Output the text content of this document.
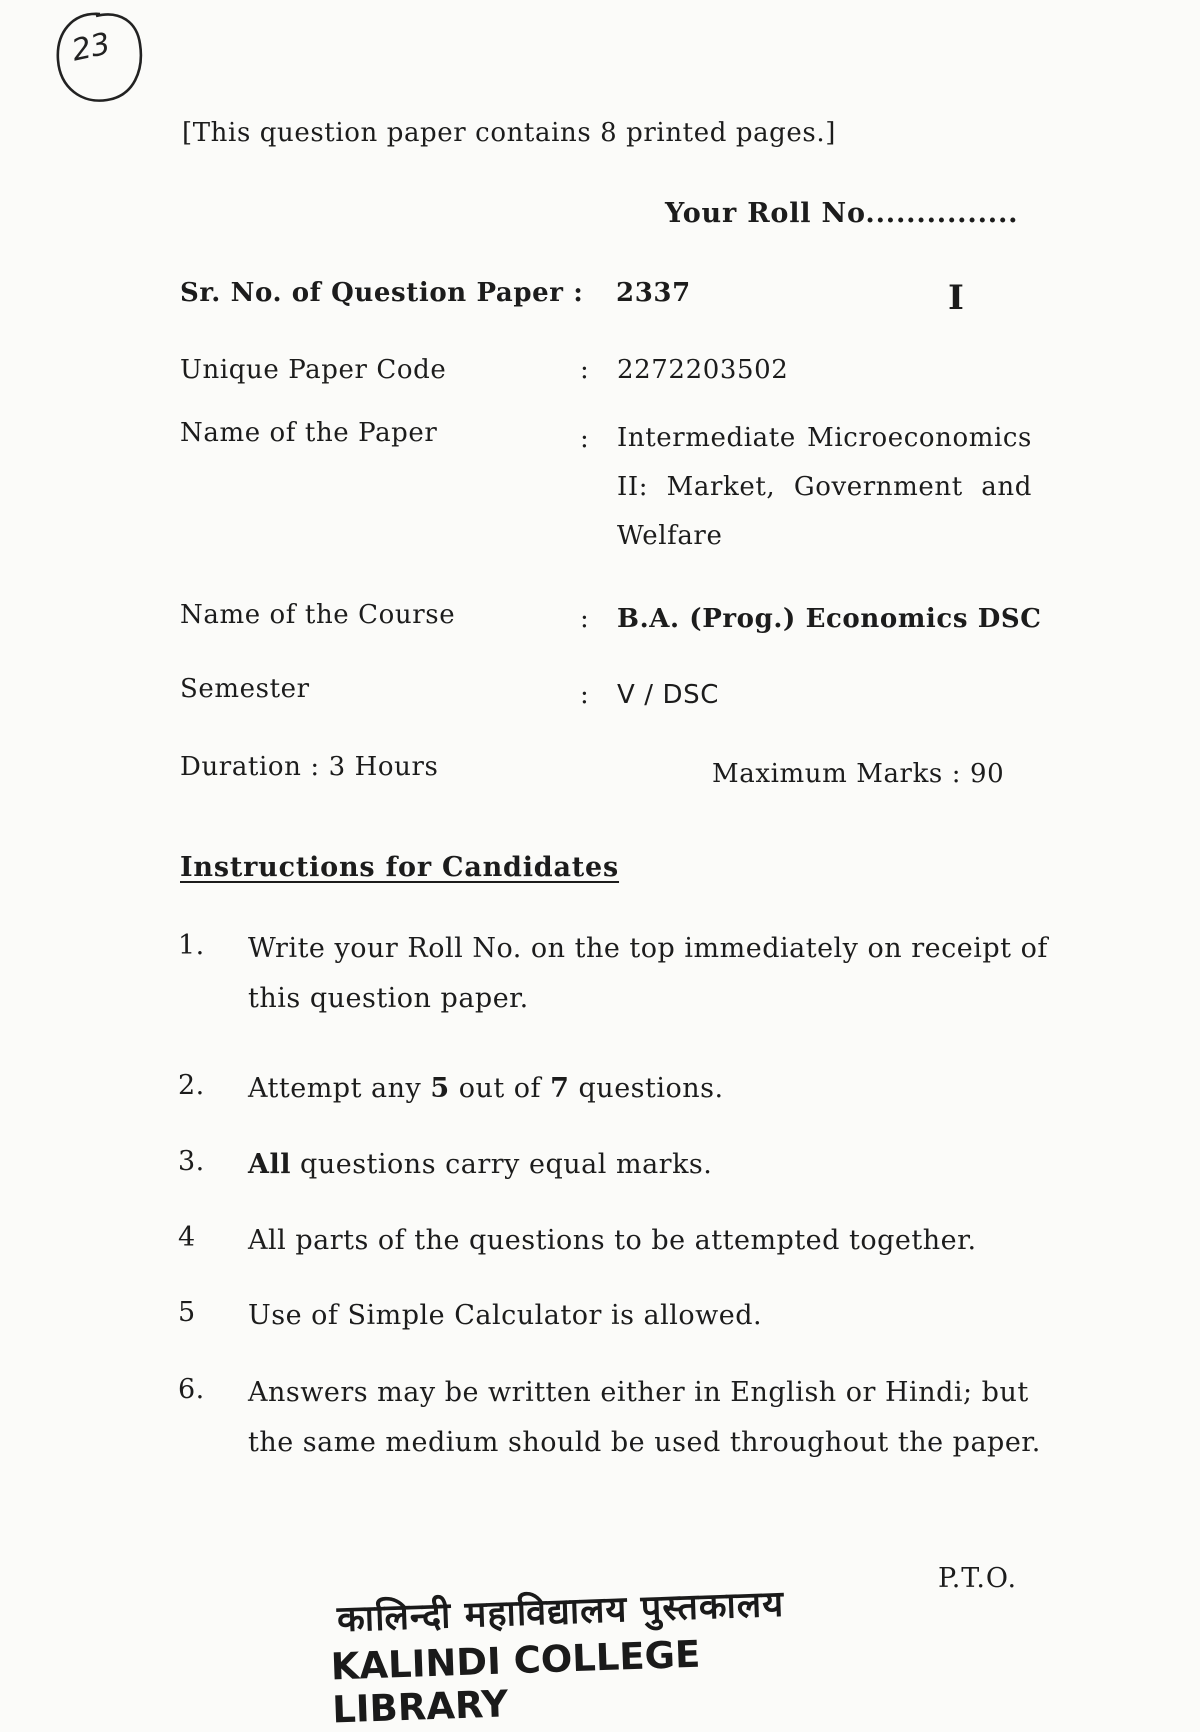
23
[This question paper contains 8 printed pages.]
Your Roll No...............
Sr. No. of Question Paper : 2337	I
Unique Paper Code	: 2272203502
Name of the Paper	: Intermediate Microeconomics II: Market, Government and Welfare
Name of the Course	: B.A. (Prog.) Economics DSC
Semester	: V / DSC
Duration : 3 Hours	Maximum Marks : 90
Instructions for Candidates
1. Write your Roll No. on the top immediately on receipt of this question paper.
2. Attempt any 5 out of 7 questions.
3. All questions carry equal marks.
4 All parts of the questions to be attempted together.
5 Use of Simple Calculator is allowed.
6. Answers may be written either in English or Hindi; but the same medium should be used throughout the paper.
P.T.O.
कालिन्दी महाविद्यालय पुस्तकालय
KALINDI COLLEGE LIBRARY
